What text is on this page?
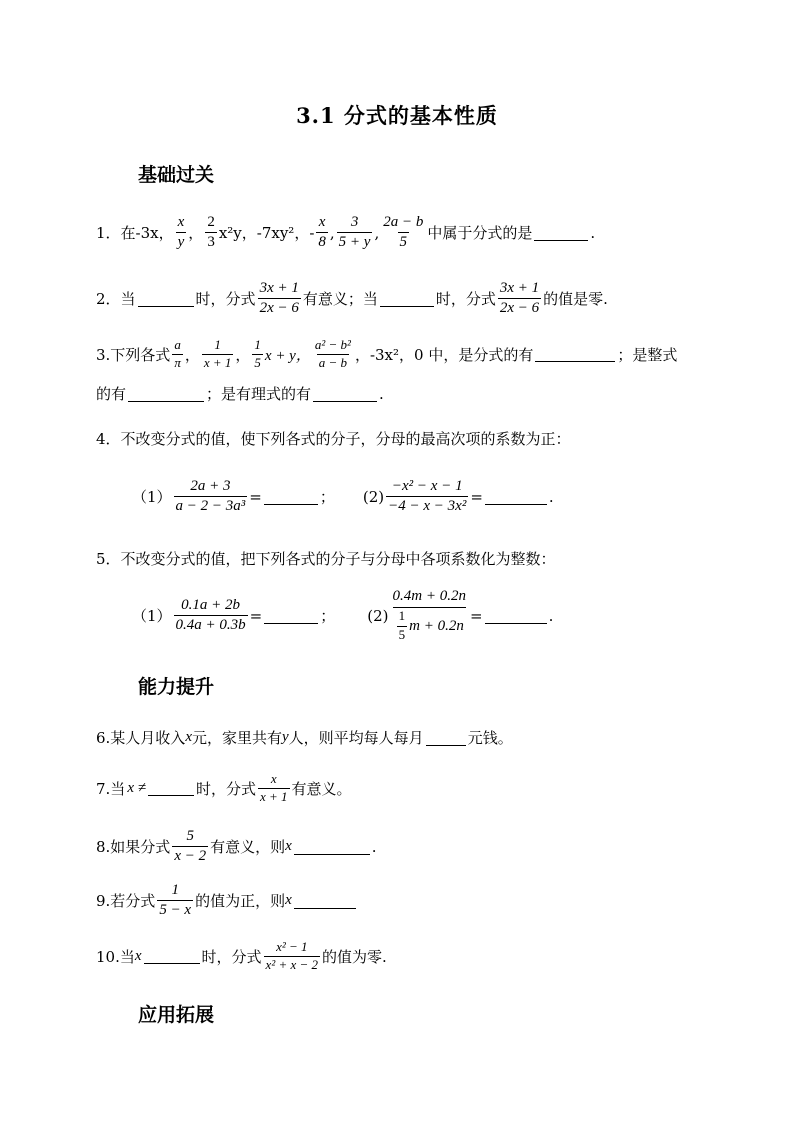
3.1 分式的基本性质
基础过关
1．在 -3x， $\frac{x}{y}$ ， $\frac{2}{3} x^2y$，-7xy²，- $\frac{x}{8}$ , $\frac{3}{5 + y}$ , $\frac{2a - b}{5}$ 中属于分式的是	.
2．当	时，分式 $\frac{3x + 1}{2x - 6}$ 有意义；当	时，分式 $\frac{3x + 1}{2x - 6}$ 的值是零.
3.下列各式 $\frac{a}{\pi}$ ， $\frac{1}{x + 1}$ ， $\frac{1}{5}$ x + y， $\frac{\text{a² − b²}}{a - b}$ ，-3x²，0 中，是分式的有	；是整式
的有	；是有理式的有	.
4．不改变分式的值，使下列各式的分子，分母的最高次项的系数为正：
$(1) \frac{2a + 3}{\text{a − 2 − 3a³}}$ =	； $(2) \frac{\text{−x² − x − 1}}{\text{−4 − x − 3x²}}$ =	.
5．不改变分式的值，把下列各式的分子与分母中各项系数化为整数：
$(1) \frac{0.1a + 2b}{0.4a + 0.3b}$ =	； $(2) \frac{0.4m + 0.2n}{\frac{1}{5} m + 0.2n}$ =	.
能力提升
6.某人月收入 x 元，家里共有 y 人，则平均每人每月	元钱。
7.当 x ≠	时，分式 $\frac{x}{x + 1}$ 有意义。
8.如果分式 $\frac{5}{x - 2}$ 有意义，则 x	.
9.若分式 $\frac{1}{5 - x}$ 的值为正，则 x
10.当 x	时，分式 $\frac{\text{x² − 1}}{\text{x² + x − 2}}$ 的值为零.
应用拓展
